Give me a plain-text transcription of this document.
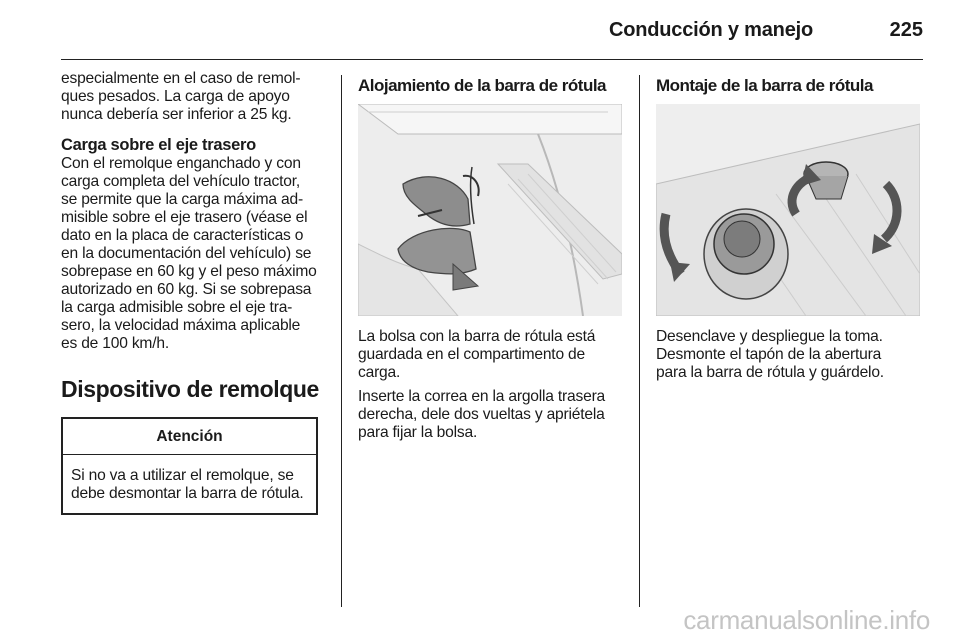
Conducción y manejo	225

especialmente en el caso de remol-
ques pesados. La carga de apoyo
nunca debería ser inferior a 25 kg.

Carga sobre el eje trasero

Con el remolque enganchado y con
carga completa del vehículo tractor,
se permite que la carga máxima ad-
misible sobre el eje trasero (véase el
dato en la placa de características o
en la documentación del vehículo) se
sobrepase en 60 kg y el peso máximo
autorizado en 60 kg. Si se sobrepasa
la carga admisible sobre el eje tra-
sero, la velocidad máxima aplicable
es de 100 km/h.

Dispositivo de remolque
Atención

Si no va a utilizar el remolque, se
debe desmontar la barra de rótula.

Alojamiento de la barra de rótula

La bolsa con la barra de rótula está
guardada en el compartimento de
carga.

Inserte la correa en la argolla trasera
derecha, dele dos vueltas y apriétela
para fijar la bolsa.

Montaje de la barra de rótula

Desenclave y despliegue la toma.
Desmonte el tapón de la abertura
para la barra de rótula y guárdelo.

carmanualsonline.info
